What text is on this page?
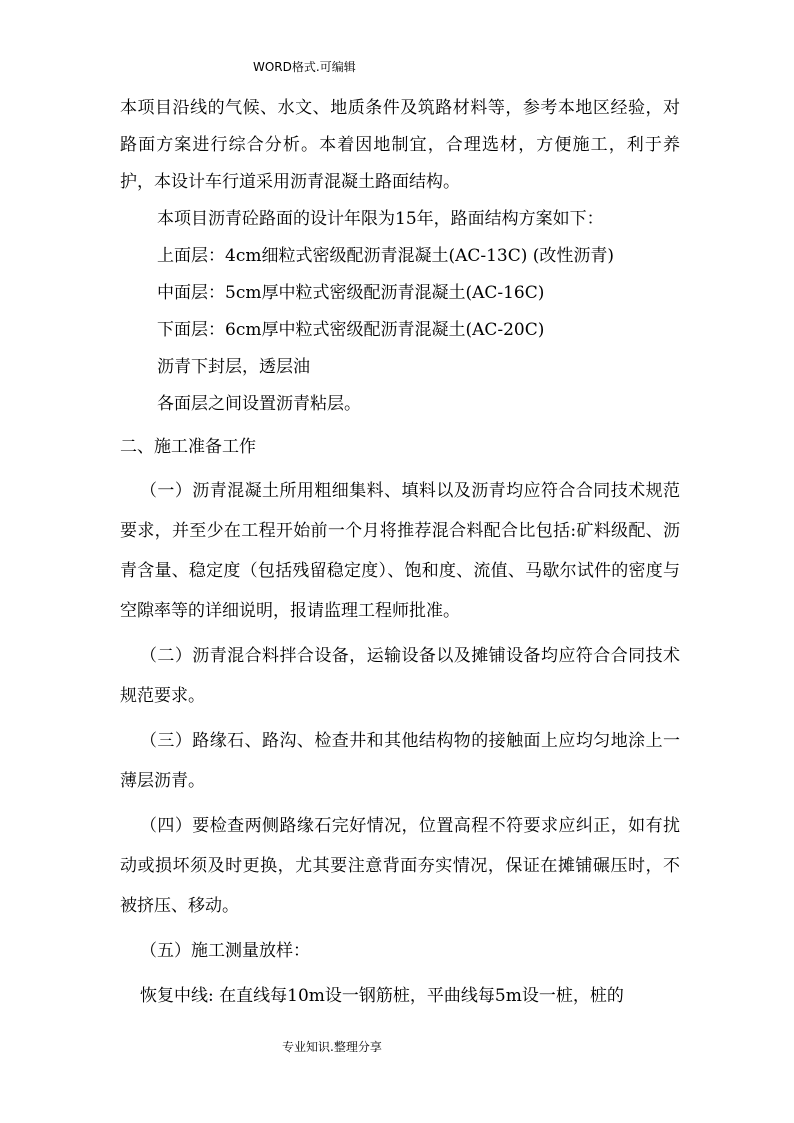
WORD格式.可编辑

本项目沿线的气候、水文、地质条件及筑路材料等，参考本地区经验，对路面方案进行综合分析。本着因地制宜，合理选材，方便施工，利于养护，本设计车行道采用沥青混凝土路面结构。

本项目沥青砼路面的设计年限为15年，路面结构方案如下：

上面层：4cm细粒式密级配沥青混凝土(AC-13C) (改性沥青)

中面层：5cm厚中粒式密级配沥青混凝土(AC-16C)

下面层：6cm厚中粒式密级配沥青混凝土(AC-20C)

沥青下封层，透层油

各面层之间设置沥青粘层。

二、施工准备工作

（一）沥青混凝土所用粗细集料、填料以及沥青均应符合合同技术规范要求，并至少在工程开始前一个月将推荐混合料配合比包括:矿料级配、沥青含量、稳定度（包括残留稳定度）、饱和度、流值、马歇尔试件的密度与空隙率等的详细说明，报请监理工程师批准。

（二）沥青混合料拌合设备，运输设备以及摊铺设备均应符合合同技术规范要求。

（三）路缘石、路沟、检查井和其他结构物的接触面上应均匀地涂上一薄层沥青。

（四）要检查两侧路缘石完好情况，位置高程不符要求应纠正，如有扰动或损坏须及时更换，尤其要注意背面夯实情况，保证在摊铺碾压时，不被挤压、移动。

（五）施工测量放样：

恢复中线: 在直线每10m设一钢筋桩，平曲线每5m设一桩，桩的

专业知识.整理分享
